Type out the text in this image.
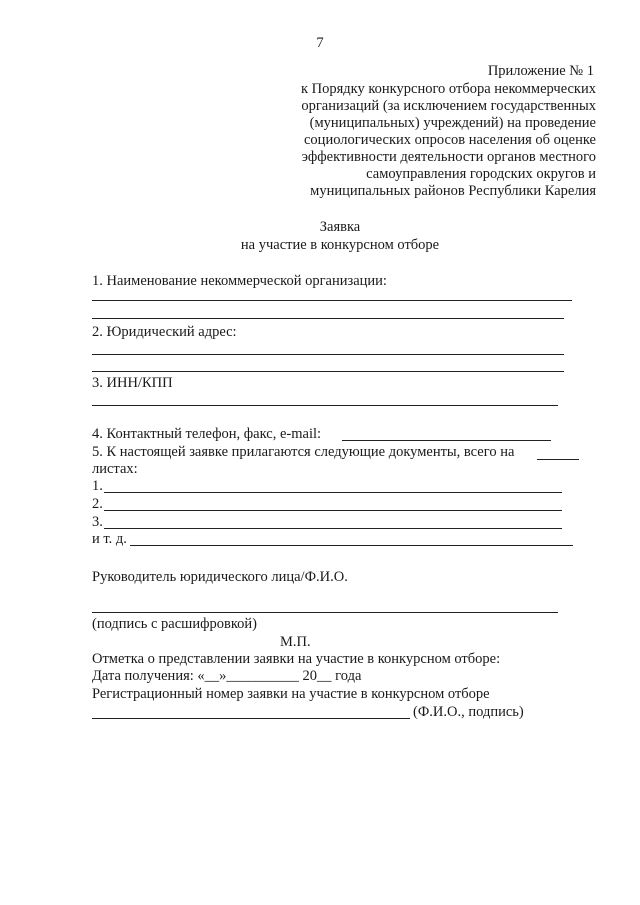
7
Приложение № 1
к Порядку конкурсного отбора некоммерческих
организаций (за исключением государственных
(муниципальных) учреждений) на проведение
социологических опросов населения об оценке
эффективности деятельности органов местного
самоуправления городских округов и
муниципальных районов Республики Карелия
Заявка
на участие в конкурсном отборе
1. Наименование некоммерческой организации:
2. Юридический адрес:
3. ИНН/КПП
4. Контактный телефон, факс, e-mail:
5. К настоящей заявке прилагаются следующие документы, всего на
листах:
1.
2.
3.
и т. д.
Руководитель юридического лица/Ф.И.О.
(подпись с расшифровкой)
М.П.
Отметка о представлении заявки на участие в конкурсном отборе:
Дата получения: «__»__________ 20__ года
Регистрационный номер заявки на участие в конкурсном отборе
(Ф.И.О., подпись)
